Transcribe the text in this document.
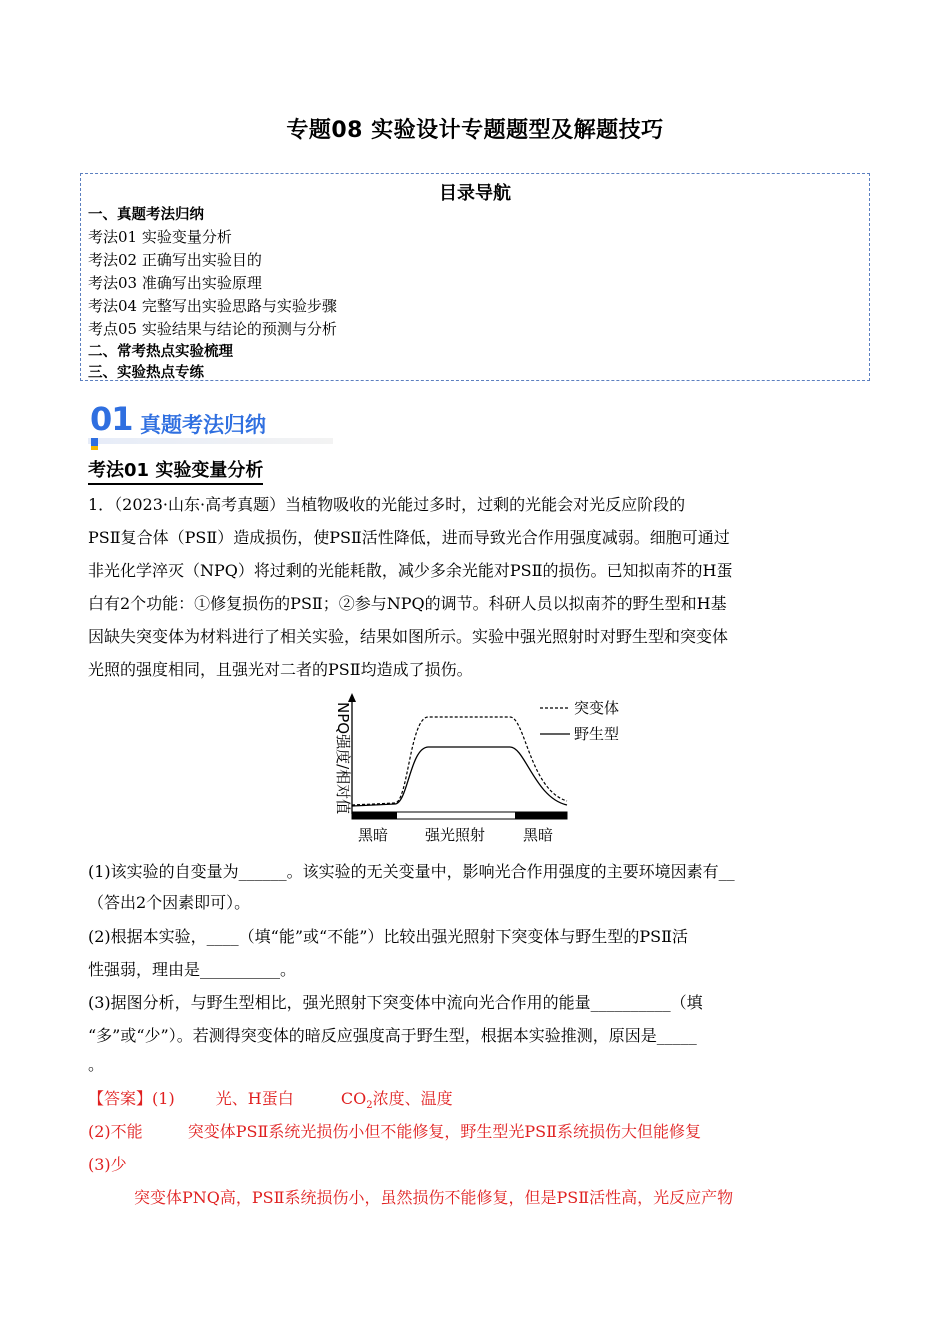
专题08 实验设计专题题型及解题技巧
目录导航
一、真题考法归纳
考法01 实验变量分析
考法02 正确写出实验目的
考法03 准确写出实验原理
考法04 完整写出实验思路与实验步骤
考点05 实验结果与结论的预测与分析
二、常考热点实验梳理
三、实验热点专练
01 真题考法归纳
考法01 实验变量分析
1．（2023·山东·高考真题）当植物吸收的光能过多时，过剩的光能会对光反应阶段的
PSⅡ复合体（PSⅡ）造成损伤，使PSⅡ活性降低，进而导致光合作用强度减弱。细胞可通过
非光化学淬灭（NPQ）将过剩的光能耗散，减少多余光能对PSⅡ的损伤。已知拟南芥的H蛋
白有2个功能：①修复损伤的PSⅡ；②参与NPQ的调节。科研人员以拟南芥的野生型和H基
因缺失突变体为材料进行了相关实验，结果如图所示。实验中强光照射时对野生型和突变体
光照的强度相同，且强光对二者的PSⅡ均造成了损伤。
NPQ强度/相对值	突变体
野生型
黑暗 强光照射	黑暗
(1)该实验的自变量为______。该实验的无关变量中，影响光合作用强度的主要环境因素有__
（答出2个因素即可）。
(2)根据本实验，____（填“能”或“不能”）比较出强光照射下突变体与野生型的PSⅡ活
性强弱，理由是__________。
(3)据图分析，与野生型相比，强光照射下突变体中流向光合作用的能量__________（填
“多”或“少”）。若测得突变体的暗反应强度高于野生型，根据本实验推测，原因是_____
。
【答案】(1)	光、H蛋白	$CO_2$浓度、温度
(2)不能	突变体PSⅡ系统光损伤小但不能修复，野生型光PSⅡ系统损伤大但能修复
(3)少
突变体PNQ高，PSⅡ系统损伤小，虽然损伤不能修复，但是PSⅡ活性高，光反应产物
